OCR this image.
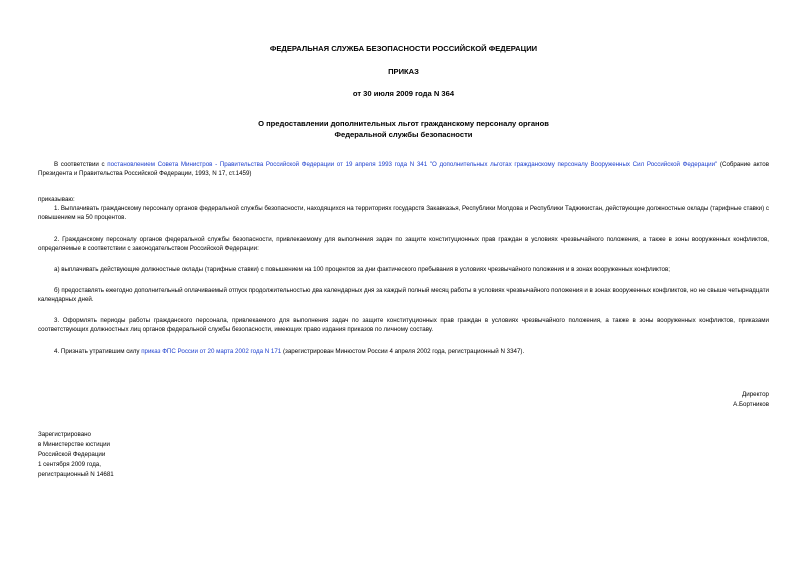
ФЕДЕРАЛЬНАЯ СЛУЖБА БЕЗОПАСНОСТИ РОССИЙСКОЙ ФЕДЕРАЦИИ
ПРИКАЗ
от 30 июля 2009 года N 364
О предоставлении дополнительных льгот гражданскому персоналу органов
Федеральной службы безопасности
В соответствии с постановлением Совета Министров - Правительства Российской Федерации от 19 апреля 1993 года N 341 "О дополнительных льготах гражданскому персоналу Вооруженных Сил Российской Федерации" (Собрание актов Президента и Правительства Российской Федерации, 1993, N 17, ст.1459)
приказываю:
1. Выплачивать гражданскому персоналу органов федеральной службы безопасности, находящихся на территориях государств Закавказья, Республики Молдова и Республики Таджикистан, действующие должностные оклады (тарифные ставки) с повышением на 50 процентов.
2. Гражданскому персоналу органов федеральной службы безопасности, привлекаемому для выполнения задач по защите конституционных прав граждан в условиях чрезвычайного положения, а также в зоны вооруженных конфликтов, определяемые в соответствии с законодательством Российской Федерации:
а) выплачивать действующие должностные оклады (тарифные ставки) с повышением на 100 процентов за дни фактического пребывания в условиях чрезвычайного положения и в зонах вооруженных конфликтов;
б) предоставлять ежегодно дополнительный оплачиваемый отпуск продолжительностью два календарных дня за каждый полный месяц работы в условиях чрезвычайного положения и в зонах вооруженных конфликтов, но не свыше четырнадцати календарных дней.
3. Оформлять периоды работы гражданского персонала, привлекаемого для выполнения задач по защите конституционных прав граждан в условиях чрезвычайного положения, а также в зоны вооруженных конфликтов, приказами соответствующих должностных лиц органов федеральной службы безопасности, имеющих право издания приказов по личному составу.
4. Признать утратившим силу приказ ФПС России от 20 марта 2002 года N 171 (зарегистрирован Минюстом России 4 апреля 2002 года, регистрационный N 3347).
Директор
А.Бортников
Зарегистрировано
в Министерстве юстиции
Российской Федерации
1 сентября 2009 года,
регистрационный N 14681
